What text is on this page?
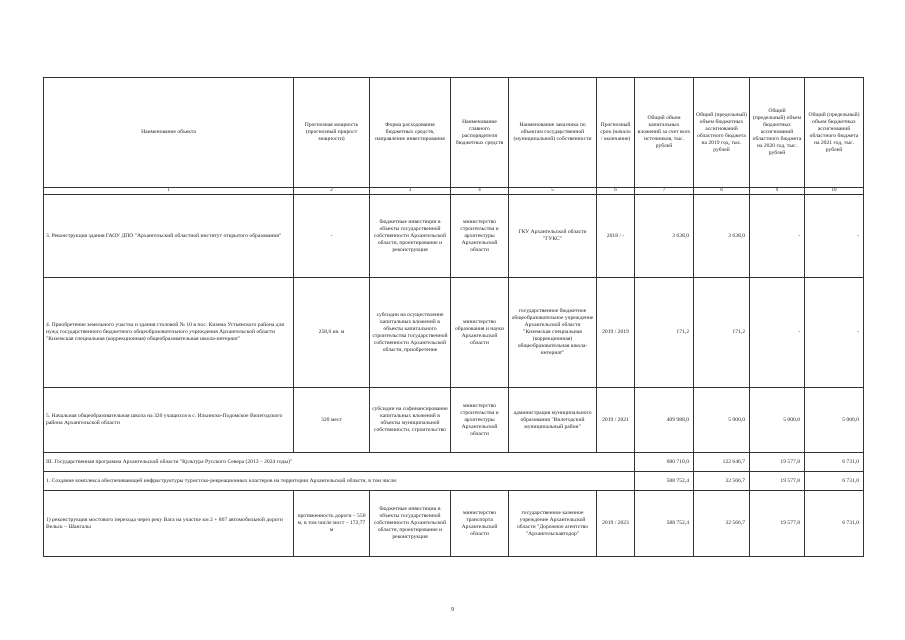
Наименование объекта	Прогнозная мощность (прогнозный прирост мощности)	Форма расходования бюджетных средств, направление инвестирования	Наименование главного распорядителя бюджетных средств	Наименование заказчика по объектам государственной (муниципальной) собственности	Прогнозный срок (начало / окончание)	Общий объем капитальных вложений за счет всех источников, тыс. рублей	Общий (предельный) объем бюджетных ассигнований областного бюджета на 2019 год, тыс. рублей	Общий (предельный) объем бюджетных ассигнований областного бюджета на 2020 год, тыс. рублей	Общий (предельный) объем бюджетных ассигнований областного бюджета на 2021 год, тыс. рублей
1	2	3	4	5	6	7	8	9	10
3. Реконструкция здания ГАОУ ДПО "Архангельский областной институт открытого образования"	-	бюджетные инвестиции в объекты государственной собственности Архангельской области, проектирование и реконструкция	министерство строительства и архитектуры Архангельской области	ГКУ Архангельской области "ГУКС"	2018 / -	3 638,0	3 638,0	-	-
4. Приобретение земельного участка и здания столовой № 10 в пос. Кизема Устьянского района для нужд государственного бюджетного общеобразовательного учреждения Архангельской области "Киземская специальная (коррекционная) общеобразовательная школа-интернат"	258,6 кв. м	субсидии на осуществление капитальных вложений в объекты капитального строительства государственной собственности Архангельской области, приобретение	министерство образования и науки Архангельской области	государственное бюджетное общеобразовательное учреждение Архангельской области "Киземская специальная (коррекционная) общеобразовательная школа-интернат"	2019 / 2019	171,2	171,2	-	-
5. Начальная общеобразовательная школа на 320 учащихся в с. Ильинско-Подомское Вилегодского района Архангельской области	320 мест	субсидии на софинансирование капитальных вложений в объекты муниципальной собственности, строительство	министерство строительства и архитектуры Архангельской области	администрация муниципального образования "Вилегодский муниципальный район"	2019 / 2021	409 988,0	5 000,0	5 000,0	5 000,0
III. Государственная программа Архангельской области "Культура Русского Севера (2013 – 2024 годы)"						680 710,0	122 646,7	19 577,8	6 731,0
1. Создание комплекса обеспечивающей инфраструктуры туристско-рекреационных кластеров на территории Архангельской области, в том числе:						588 752,4	32 566,7	19 577,8	6 731,0
1) реконструкция мостового перехода через реку Вага на участке км 2 + 867 автомобильной дороги Вельск – Шангалы	протяженность дороги – 550 м, в том числе мост – 172,77 м	бюджетные инвестиции в объекты государственной собственности Архангельской области, проектирование и реконструкция	министерство транспорта Архангельской области	государственное казенное учреждение Архангельской области "Дорожное агентство "Архангельскавтодор"	2019 / 2023	588 752,4	32 566,7	19 577,8	6 731,0
9
